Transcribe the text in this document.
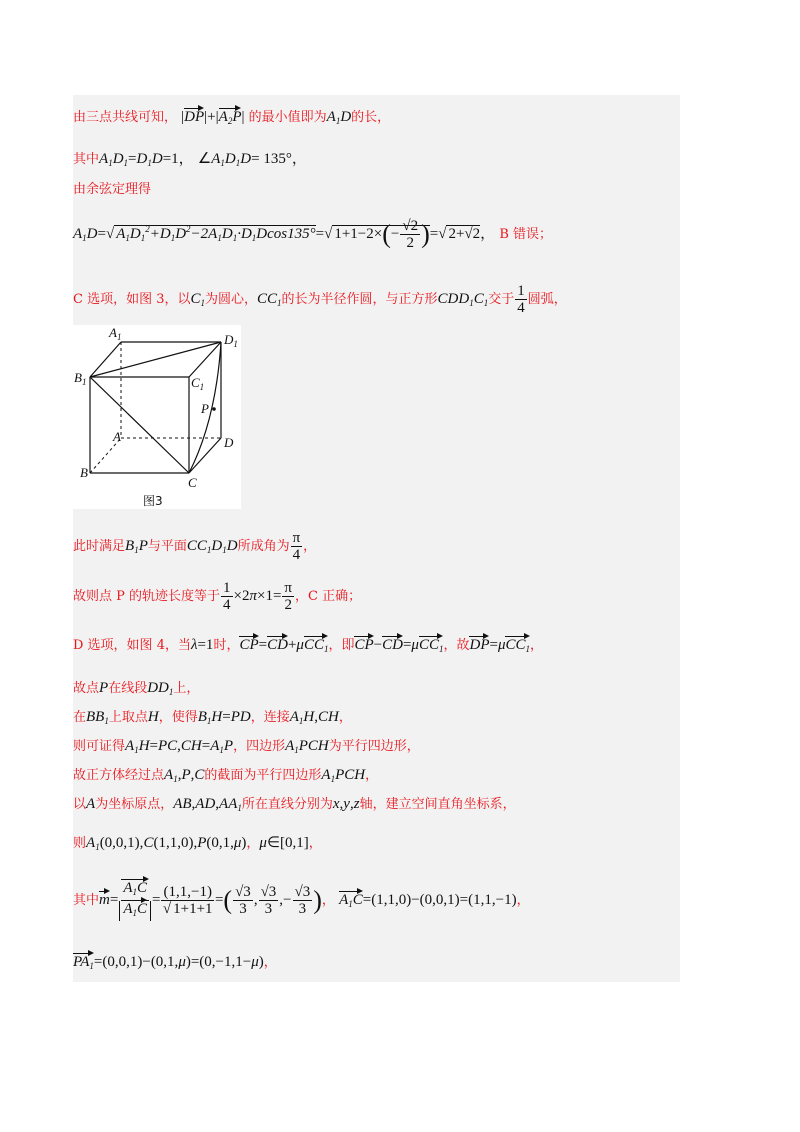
由三点共线可知， $|DP|+|A_2P|$ 的最小值即为$A_1D$的长，
其中$A_1D_1=D_1D=1$， $\angle A_1D_1D= 135^\circ$，
由余弦定理得
$A_1D=√$ $A_1D_1^2+D_1D^2-2A_1D_1\cdot D_1Dcos135^\circ=√$ $1+1-2\times(- \frac{√2}{2}$ )=√ 2+√2， B 错误；
C 选项，如图 3，以$C_1$为圆心，$CC_1$的长为半径作圆，与正方形$CDD_1C_1$交于 $\frac{1}{4}$ 圆弧，
$A_1$	$D_1$
$B_1$	$C_1$
P
A	D
B
C
图3
此时满足$B_1P$与平面$CC_1D_1D$所成角为 $\frac{\pi}{4}$ ，
故则点 P 的轨迹长度等于 $\frac{1}{4} \times 2\pi\times 1= \frac{\pi}{2}$ ，C 正确；
D 选项，如图 4，当λ=1时，CP=CD+μCC$_1$，即CP−CD=μCC$_1$，故DP=μCC$_1$，
故点P在线段$DD_1$上，
在$BB_1$上取点H，使得$B_1H=PD$，连接$A_1H,CH$，
则可证得$A_1H=PC,CH=A_1P$，四边形$A_1PCH$为平行四边形，
故正方体经过点$A_1,P,C$的截面为平行四边形$A_1PCH$，
以A为坐标原点，$AB,AD,AA_1$所在直线分别为x,y,z轴，建立空间直角坐标系，
则$A_1(0,0,1),C(1,1,0),P(0,1,\mu)$，μ∈[0,1]，
其中$m= \frac{A_1C}{A_1C} = \frac{(1,1,-1)}{√ 1+1+1}$ =( $\frac{√3}{3}$ , $\frac{√3}{3}$ ,− $\frac{√3}{3}$ )， $A_1C=(1,1,0)-(0,0,1)=(1,1,-1)$，
$PA_1=(0,0,1)-(0,1,\mu)=(0,-1,1-\mu)$，
